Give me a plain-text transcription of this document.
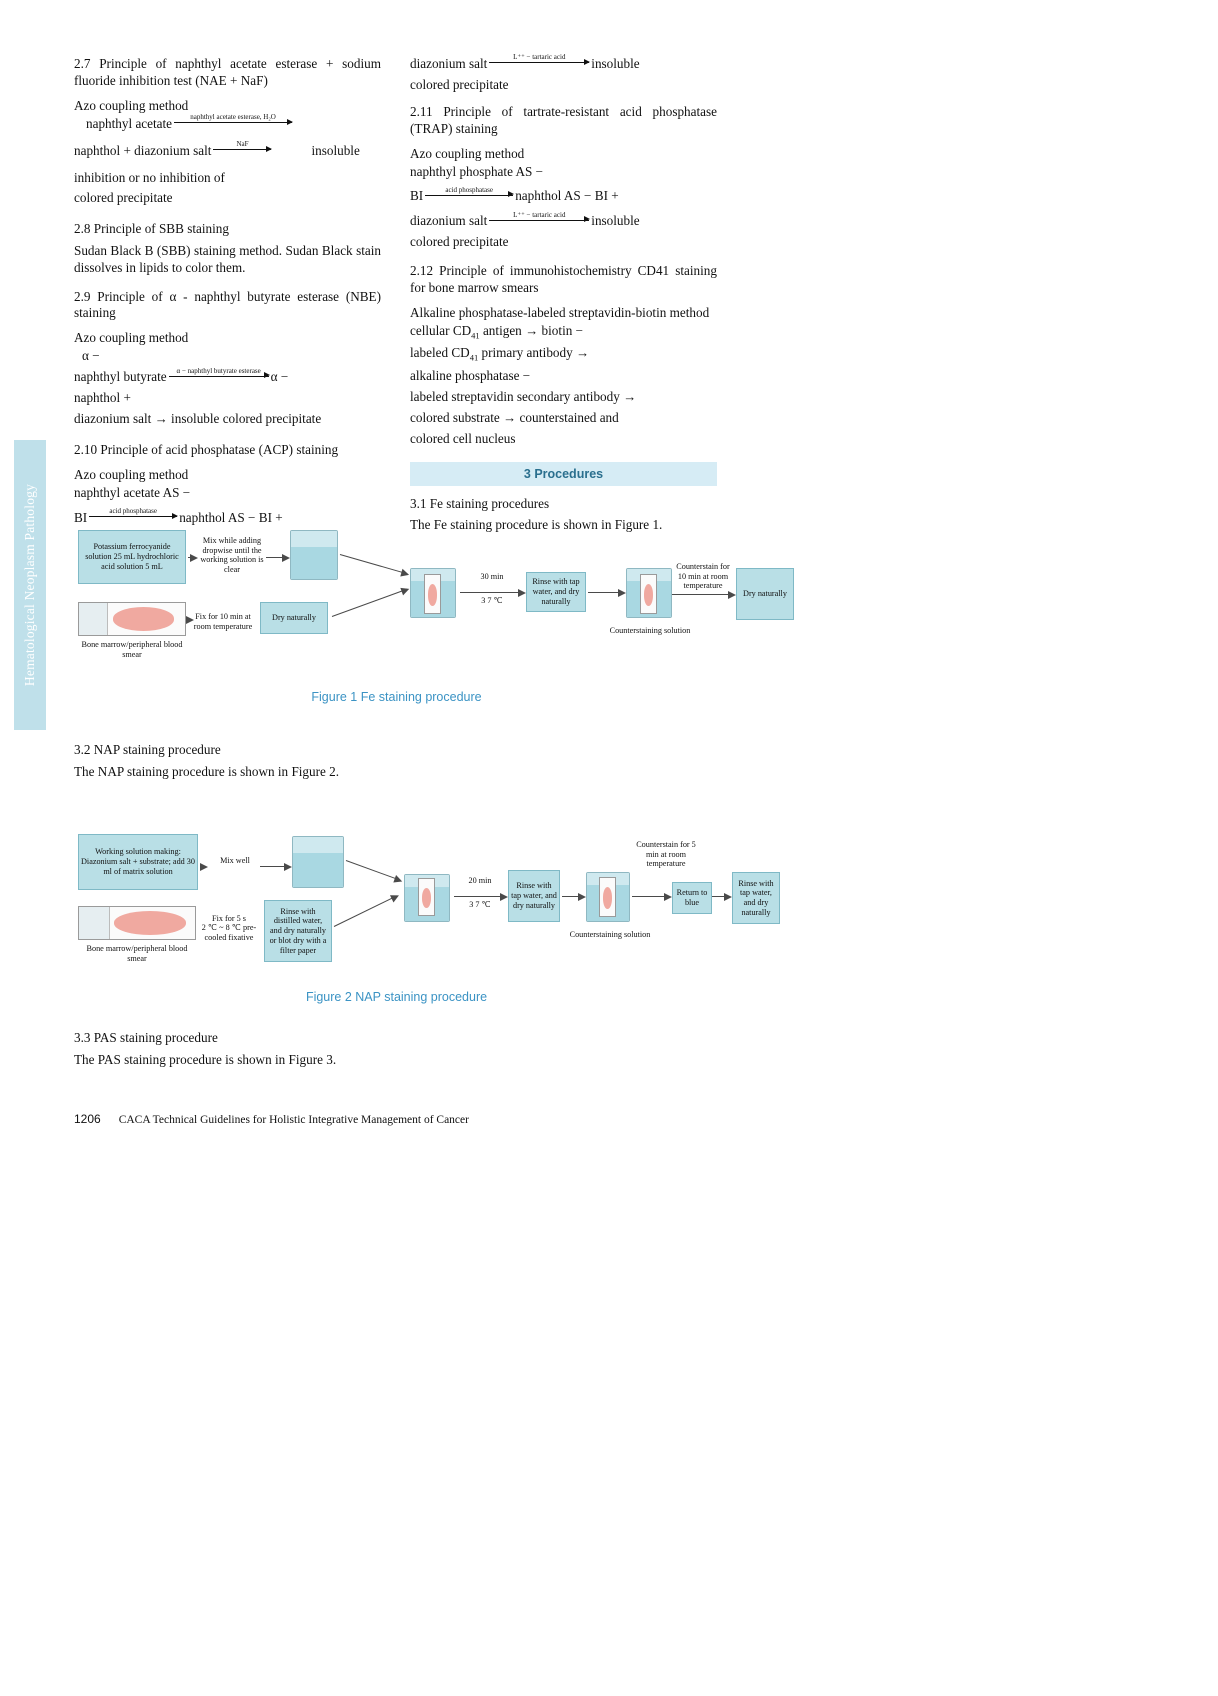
Hematological Neoplasm Pathology
2.7 Principle of naphthyl acetate esterase + sodium fluoride inhibition test (NAE + NaF)
Azo coupling method
naphthyl acetate	naphthyl acetate esterase, H₂O
naphthol + diazonium salt	NaF	insoluble
inhibition or no inhibition of
colored precipitate
2.8 Principle of SBB staining

Sudan Black B (SBB) staining method. Sudan Black stain dissolves in lipids to color them.

2.9 Principle of α - naphthyl butyrate esterase (NBE) staining
Azo coupling method
α −
naphthyl butyrate α − naphthyl butyrate esterase α −
naphthol +
diazonium salt → insoluble colored precipitate
2.10 Principle of acid phosphatase (ACP) staining
Azo coupling method
naphthyl acetate AS −
BI	acid phosphatase naphthol AS − BI +
diazonium salt	L⁺⁺ − tartaric acid insoluble
colored precipitate
2.11 Principle of tartrate-resistant acid phosphatase (TRAP) staining
Azo coupling method
naphthyl phosphate AS −
BI	acid phosphatase naphthol AS − BI +
diazonium salt	L⁺⁺ − tartaric acid insoluble
colored precipitate
2.12 Principle of immunohistochemistry CD41 staining for bone marrow smears
Alkaline phosphatase-labeled streptavidin-biotin method
cellular $CD_{41}$ antigen → biotin −
labeled $CD_{41}$ primary antibody →
alkaline phosphatase −
labeled streptavidin secondary antibody →
colored substrate → counterstained and
colored cell nucleus
3 Procedures
3.1 Fe staining procedures

The Fe staining procedure is shown in Figure 1.

Potassium ferrocyanide solution 25 mL hydrochloric acid solution 5 mL
Mix while adding dropwise until the working solution is clear
Bone marrow/peripheral blood smear
Fix for 10 min at room temperature
Dry naturally
30 min
3 7 ℃
Rinse with tap water, and dry naturally
Counterstaining solution
Counterstain for 10 min at room temperature
Figure 1 Fe staining procedure
Dry naturally
3.2 NAP staining procedure

The NAP staining procedure is shown in Figure 2.

Working solution making: Diazonium salt + substrate; add 30 ml of matrix solution
Mix well
Bone marrow/peripheral blood smear

Fix for 5 s
2 ℃ ~ 8 ℃ pre-cooled fixative

Rinse with distilled water, and dry naturally or blot dry with a filter paper
20 min
3 7 ℃
Rinse with tap water, and dry naturally
Counterstaining solution
Counterstain for 5 min at room temperature
Return to blue
Rinse with tap water, and dry naturally
Figure 2 NAP staining procedure
3.3 PAS staining procedure

The PAS staining procedure is shown in Figure 3.

1206 CACA Technical Guidelines for Holistic Integrative Management of Cancer
